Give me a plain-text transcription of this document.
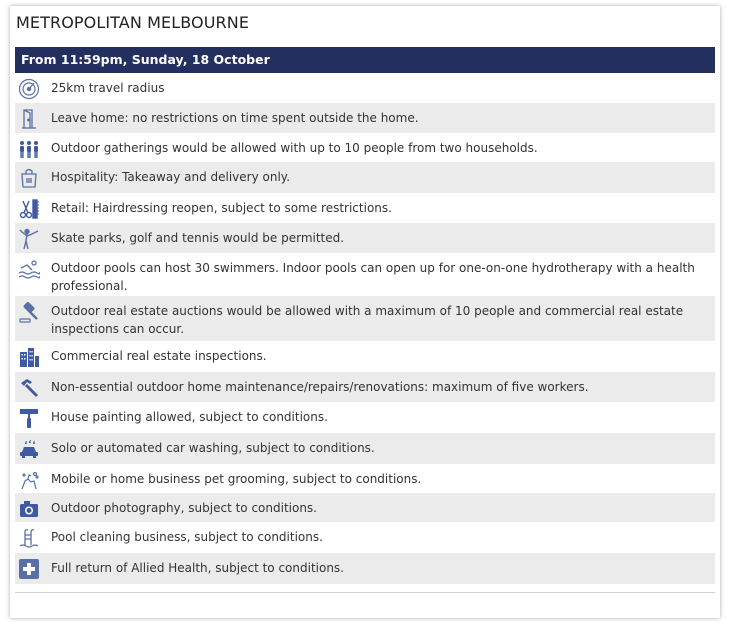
METROPOLITAN MELBOURNE
From 11:59pm, Sunday, 18 October
25km travel radius
Leave home: no restrictions on time spent outside the home.
Outdoor gatherings would be allowed with up to 10 people from two households.
Hospitality: Takeaway and delivery only.
Retail: Hairdressing reopen, subject to some restrictions.
Skate parks, golf and tennis would be permitted.
Outdoor pools can host 30 swimmers. Indoor pools can open up for one-on-one hydrotherapy with a health professional.
Outdoor real estate auctions would be allowed with a maximum of 10 people and commercial real estate inspections can occur.
Commercial real estate inspections.
Non-essential outdoor home maintenance/repairs/renovations: maximum of five workers.
House painting allowed, subject to conditions.
Solo or automated car washing, subject to conditions.
Mobile or home business pet grooming, subject to conditions.
Outdoor photography, subject to conditions.
Pool cleaning business, subject to conditions.
Full return of Allied Health, subject to conditions.
